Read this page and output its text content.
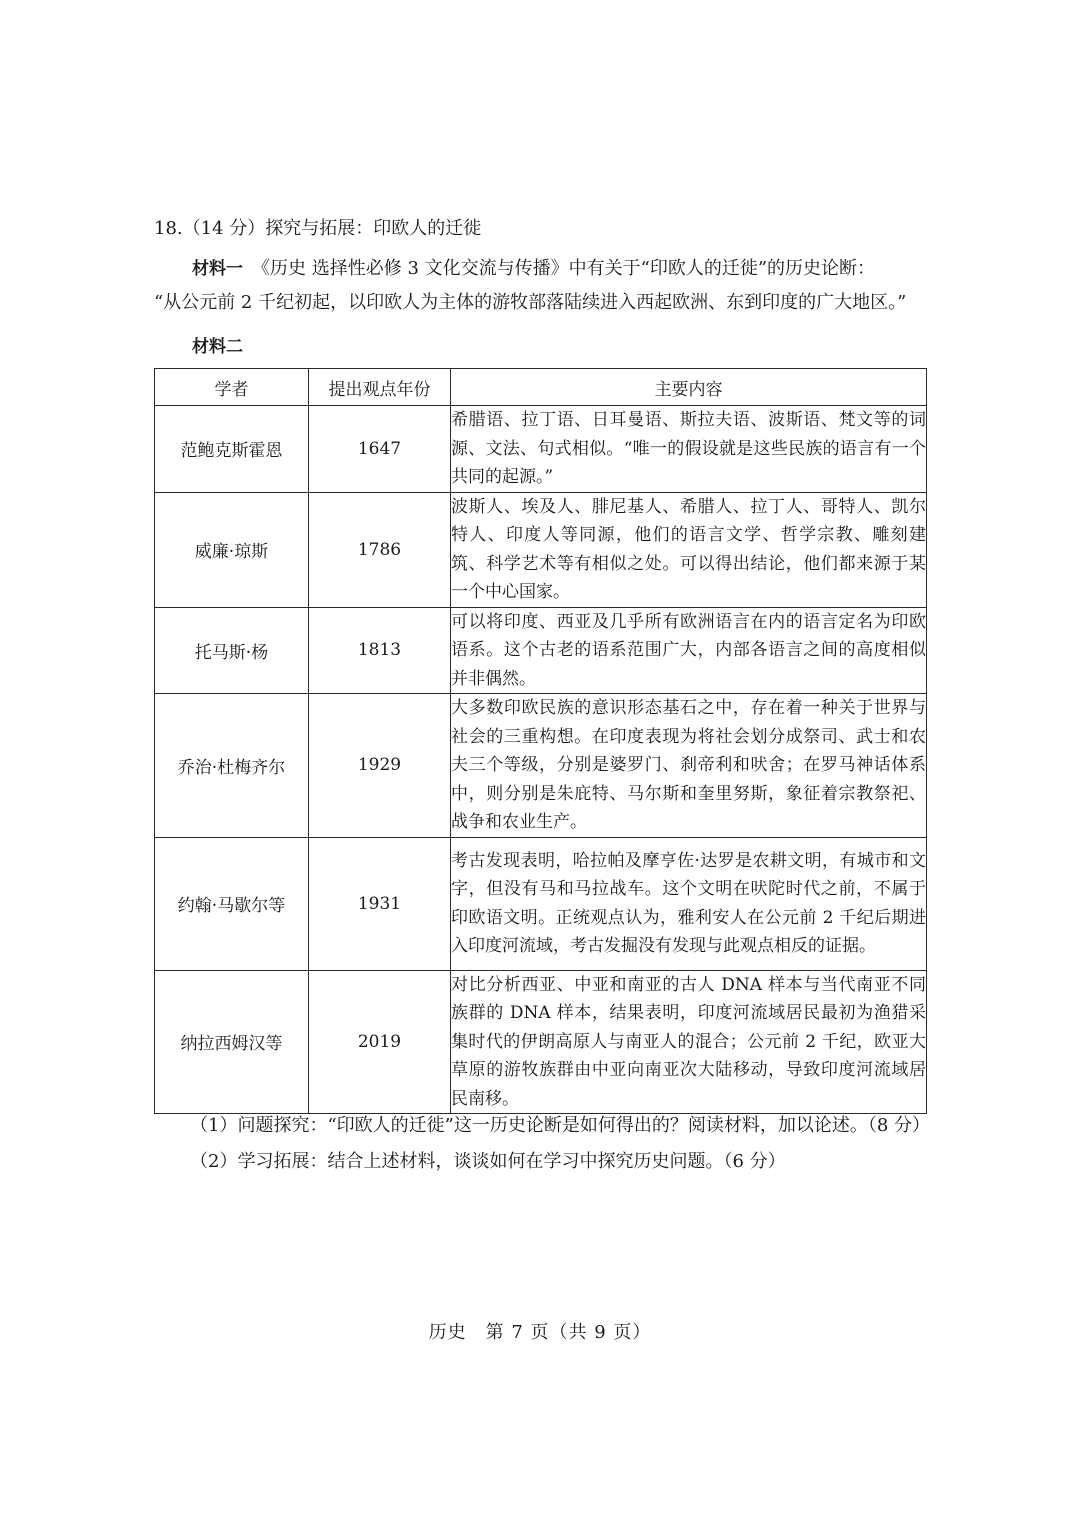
18.（14 分）探究与拓展：印欧人的迁徙
材料一　 《历史 选择性必修 3 文化交流与传播》中有关于“印欧人的迁徙”的历史论断：
“从公元前 2 千纪初起，以印欧人为主体的游牧部落陆续进入西起欧洲、东到印度的广大地区。”
材料二
学者	提出观点年份	主要内容
范鲍克斯霍恩	1647	希腊语、拉丁语、日耳曼语、斯拉夫语、波斯语、梵文等的词源、文法、句式相似。“唯一的假设就是这些民族的语言有一个共同的起源。”
威廉·琼斯	1786	波斯人、埃及人、腓尼基人、希腊人、拉丁人、哥特人、凯尔特人、印度人等同源，他们的语言文学、哲学宗教、雕刻建筑、科学艺术等有相似之处。可以得出结论，他们都来源于某一个中心国家。
托马斯·杨	1813	可以将印度、西亚及几乎所有欧洲语言在内的语言定名为印欧语系。这个古老的语系范围广大，内部各语言之间的高度相似并非偶然。
乔治·杜梅齐尔	1929	大多数印欧民族的意识形态基石之中，存在着一种关于世界与社会的三重构想。在印度表现为将社会划分成祭司、武士和农夫三个等级，分别是婆罗门、刹帝利和吠舍；在罗马神话体系中，则分别是朱庇特、马尔斯和奎里努斯，象征着宗教祭祀、战争和农业生产。
约翰·马歇尔等	1931	考古发现表明，哈拉帕及摩亨佐·达罗是农耕文明，有城市和文字，但没有马和马拉战车。这个文明在吠陀时代之前，不属于印欧语文明。正统观点认为，雅利安人在公元前 2 千纪后期进入印度河流域，考古发掘没有发现与此观点相反的证据。
纳拉西姆汉等	2019	对比分析西亚、中亚和南亚的古人 DNA 样本与当代南亚不同族群的 DNA 样本，结果表明，印度河流域居民最初为渔猎采集时代的伊朗高原人与南亚人的混合；公元前 2 千纪，欧亚大草原的游牧族群由中亚向南亚次大陆移动，导致印度河流域居民南移。
（1）问题探究：“印欧人的迁徙”这一历史论断是如何得出的？阅读材料，加以论述。（8 分）
（2）学习拓展：结合上述材料，谈谈如何在学习中探究历史问题。（6 分）
历史　第 7 页（共 9 页）
